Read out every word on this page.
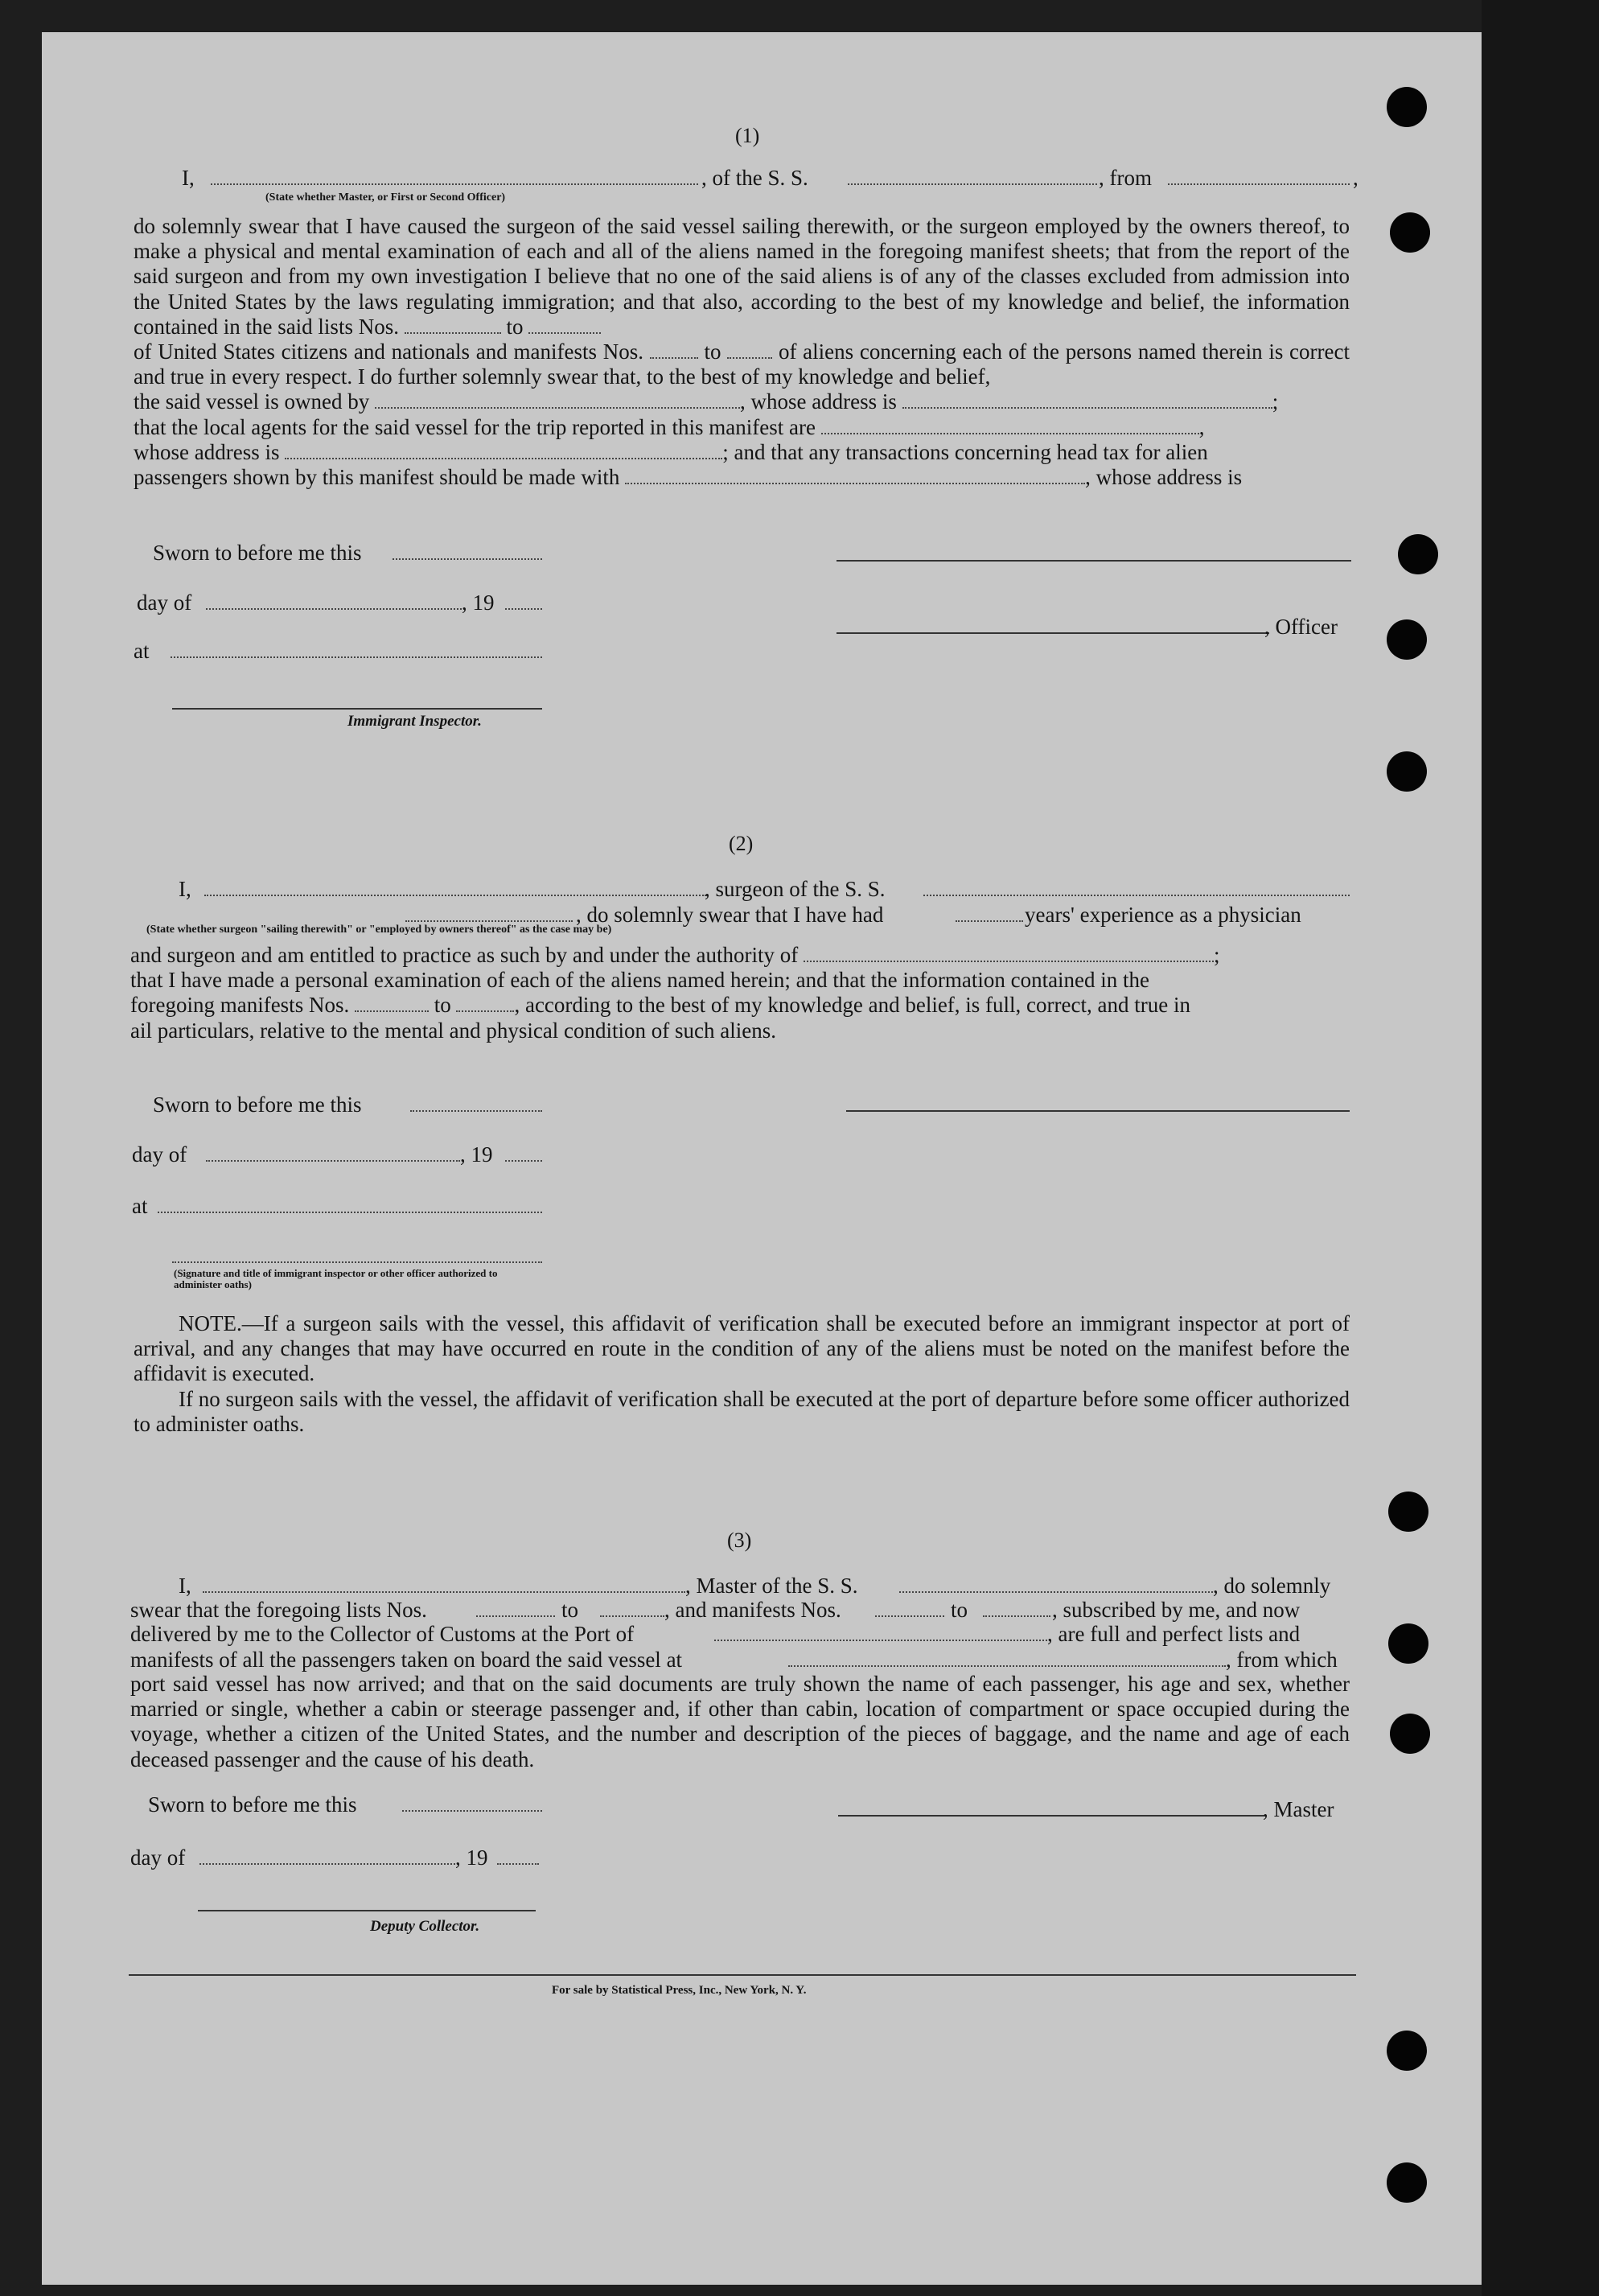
(1)
I,
(State whether Master, or First or Second Officer)
, of the S. S.	, from	,

do solemnly swear that I have caused the surgeon of the said vessel sailing therewith, or the surgeon employed by the owners thereof, to make a physical and mental examination of each and all of the aliens named in the foregoing manifest sheets; that from the report of the said surgeon and from my own investigation I believe that no one of the said aliens is of any of the classes excluded from admission into the United States by the laws regulating immigration; and that also, according to the best of my knowledge and belief, the information contained in the said lists Nos.	to

of United States citizens and nationals and manifests Nos.	to	of aliens concerning each of the persons named therein is correct and true in every respect. I do further solemnly swear that, to the best of my knowledge and belief,

the said vessel is owned by	, whose address is	;

that the local agents for the said vessel for the trip reported in this manifest are	,

whose address is	; and that any transactions concerning head tax for alien

passengers shown by this manifest should be made with	, whose address is

Sworn to before me this
day of	, 19
, Officer
at
Immigrant Inspector.
(2)
I,	, surgeon of the S. S.
(State whether surgeon "sailing therewith" or "employed by owners thereof" as the case may be)
, do solemnly swear that I have had	years' experience as a physician

and surgeon and am entitled to practice as such by and under the authority of	;

that I have made a personal examination of each of the aliens named herein; and that the information contained in the

foregoing manifests Nos.	to	, according to the best of my knowledge and belief, is full, correct, and true in

ail particulars, relative to the mental and physical condition of such aliens.

Sworn to before me this
day of	, 19
at
(Signature and title of immigrant inspector or other officer authorized to administer oaths)

NOTE.—If a surgeon sails with the vessel, this affidavit of verification shall be executed before an immigrant inspector at port of arrival, and any changes that may have occurred en route in the condition of any of the aliens must be noted on the manifest before the affidavit is executed.

If no surgeon sails with the vessel, the affidavit of verification shall be executed at the port of departure before some officer authorized to administer oaths.

(3)
I,	, Master of the S. S.	, do solemnly
swear that the foregoing lists Nos.	to	, and manifests Nos.	to	, subscribed by me, and now
delivered by me to the Collector of Customs at the Port of	, are full and perfect lists and
manifests of all the passengers taken on board the said vessel at	, from which

port said vessel has now arrived; and that on the said documents are truly shown the name of each passenger, his age and sex, whether married or single, whether a cabin or steerage passenger and, if other than cabin, location of compartment or space occupied during the voyage, whether a citizen of the United States, and the number and description of the pieces of baggage, and the name and age of each deceased passenger and the cause of his death.

Sworn to before me this	, Master
day of	, 19
Deputy Collector.
For sale by Statistical Press, Inc., New York, N. Y.
